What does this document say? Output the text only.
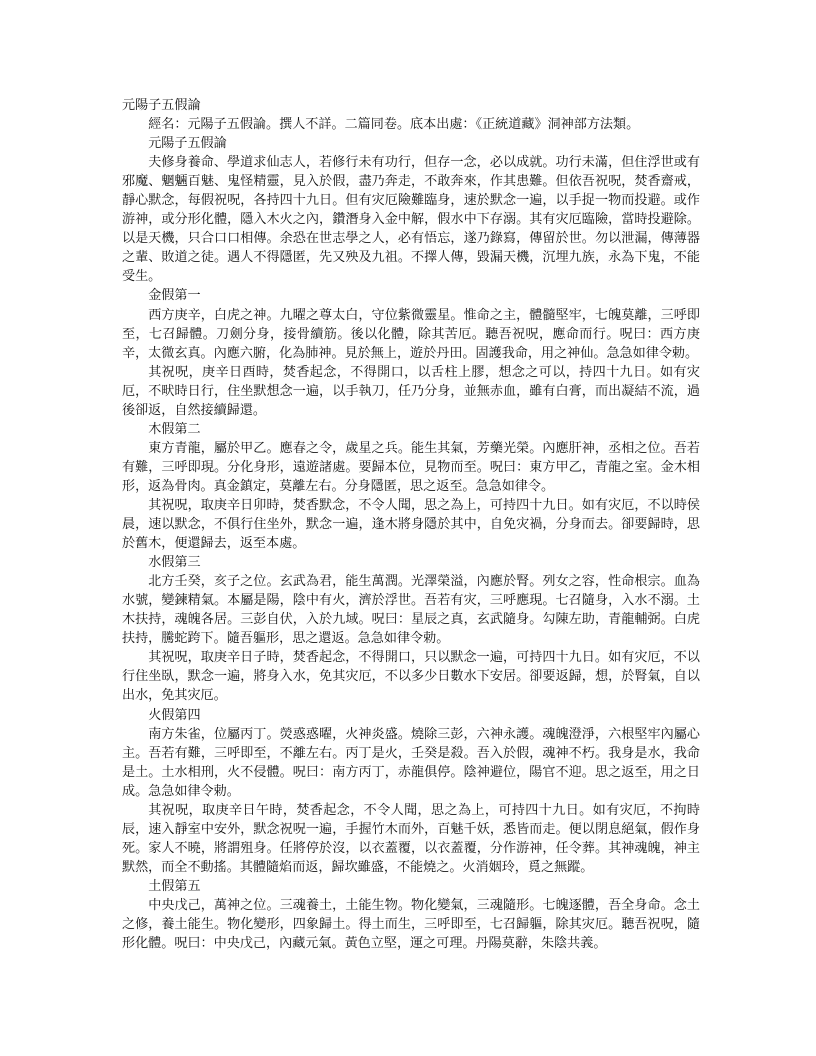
元陽子五假論

經名：元陽子五假論。撰人不詳。二篇同卷。底本出處：《正統道藏》洞神部方法類。

元陽子五假論

夫修身養命、學道求仙志人，若修行未有功行，但存一念，必以成就。功行未滿，但住浮世或有邪魔、魍魎百魅、鬼怪精靈，見入於假，盡乃奔走，不敢奔來，作其患難。但依吾祝呪，焚香齋戒，靜心默念，每假祝呪，各持四十九日。但有灾厄險難臨身，速於默念一遍，以手捉一物而投避。或作游神，或分形化體，隱入木火之內，鑽潛身入金中解，假水中下存溺。其有灾厄臨險，當時投避除。以是天機，只合口口相傳。余恐在世志學之人，必有悟忘，遂乃錄寫，傳留於世。勿以泄漏，傳薄器之輩、敗道之徒。遇人不得隱匿，先又殃及九祖。不擇人傳，毀漏天機，沉埋九族，永為下鬼，不能受生。

金假第一

西方庚辛，白虎之神。九曜之尊太白，守位紫微靈星。惟命之主，體髓堅牢，七魄莫離，三呼即至，七召歸體。刀劍分身，接骨續筋。後以化體，除其苦厄。聽吾祝呪，應命而行。呪曰：西方庚辛，太微玄真。內應六腑，化為肺神。見於無上，遊於丹田。固護我命，用之神仙。急急如律令勅。

其祝呪，庚辛日酉時，焚香起念，不得開口，以舌柱上膠，想念之可以，持四十九日。如有灾厄，不畎時日行，住坐默想念一遍，以手執刀，任乃分身，並無赤血，雖有白膏，而出凝結不流，過後卻返，自然接續歸還。

木假第二

東方青龍，屬於甲乙。應春之令，歲星之兵。能生其氣，芳藥光榮。內應肝神，丞相之位。吾若有難，三呼即現。分化身形，遠遊諸處。要歸本位，見物而至。呪曰：東方甲乙，青龍之室。金木相形，返為骨肉。真金鎮定，莫離左右。分身隱匿，思之返至。急急如律令。

其祝呪，取庚辛日卯時，焚香默念，不令人聞，思之為上，可持四十九日。如有灾厄，不以時侯晨，速以默念，不俱行住坐外，默念一遍，逢木將身隱於其中，自免灾禍，分身而去。卻要歸時，思於舊木，便還歸去，返至本處。

水假第三

北方壬癸，亥子之位。玄武為君，能生萬潤。光澤榮溢，內應於腎。列女之容，性命根宗。血為水號，變鍊精氣。本屬是陽，陰中有火，濟於浮世。吾若有灾，三呼應現。七召隨身，入水不溺。土木扶持，魂魄各居。三彭自伏，入於九域。呪曰：星辰之真，玄武隨身。勾陳左助，青龍輔弼。白虎扶持，騰蛇跨下。隨吾軀形，思之還返。急急如律令勅。

其祝呪，取庚辛日子時，焚香起念，不得開口，只以默念一遍，可持四十九日。如有灾厄，不以行住坐臥，默念一遍，將身入水，免其灾厄，不以多少日數水下安居。卻要返歸，想，於腎氣，自以出水，免其灾厄。

火假第四

南方朱雀，位屬丙丁。熒惑惑曜，火神炎盛。燒除三彭，六神永護。魂魄澄淨，六根堅牢內屬心主。吾若有難，三呼即至，不離左右。丙丁是火，壬癸是殺。吾入於假，魂神不朽。我身是水，我命是土。土水相刑，火不侵體。呪曰：南方丙丁，赤龍俱停。陰神避位，陽官不迎。思之返至，用之日成。急急如律令勅。

其祝呪，取庚辛日午時，焚香起念，不令人聞，思之為上，可持四十九日。如有灾厄，不拘時辰，速入靜室中安外，默念祝呪一遍，手握竹木而外，百魅千妖，悉皆而走。便以閉息絕氣，假作身死。家人不曉，將謂殂身。任將停於沒，以衣蓋覆，以衣蓋覆，分作游神，任令葬。其神魂魄，神主默然，而全不動搖。其體隨焰而返，歸坎雖盛，不能燒之。火消姻玲，覓之無蹤。

土假第五

中央戊己，萬神之位。三魂養土，土能生物。物化變氣，三魂隨形。七魄逐體，吾全身命。念土之修，養土能生。物化變形，四象歸土。得土而生，三呼即至，七召歸軀，除其灾厄。聽吾祝呪，隨形化體。呪曰：中央戊己，內藏元氣。黃色立堅，運之可理。丹陽莫辭，朱陰共義。
